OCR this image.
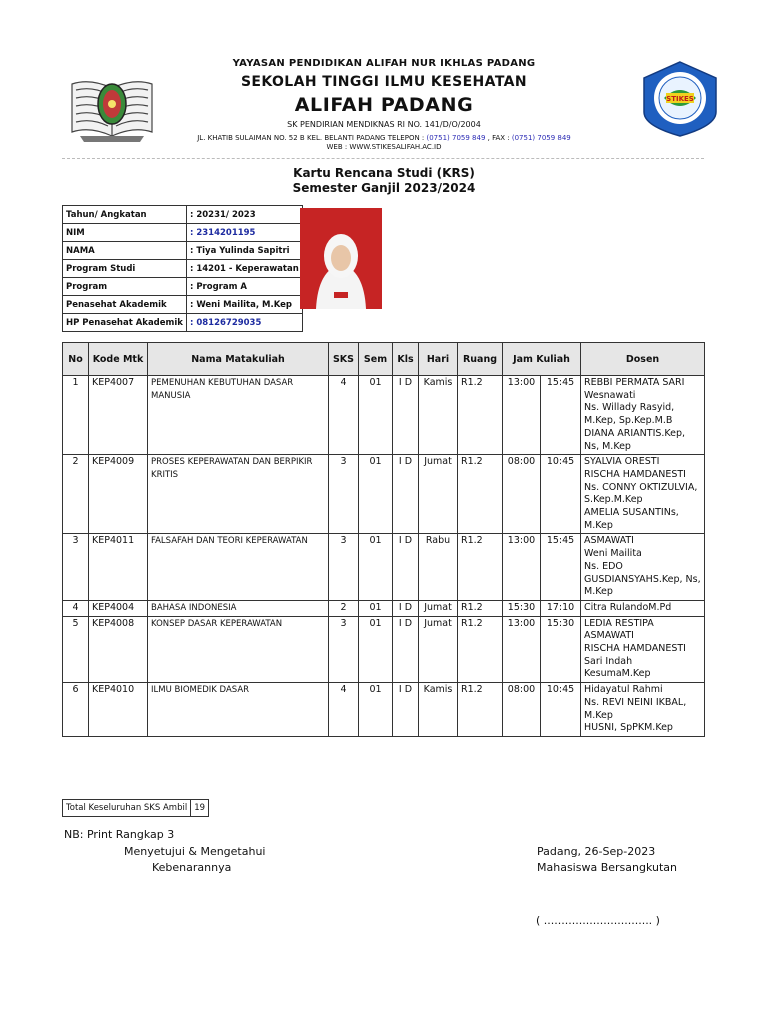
STIKES
YAYASAN PENDIDIKAN ALIFAH NUR IKHLAS PADANG
SEKOLAH TINGGI ILMU KESEHATAN
ALIFAH PADANG
SK PENDIRIAN MENDIKNAS RI NO. 141/D/O/2004
JL. KHATIB SULAIMAN NO. 52 B KEL. BELANTI PADANG TELEPON : (0751) 7059 849 , FAX : (0751) 7059 849
WEB : WWW.STIKESALIFAH.AC.ID
Kartu Rencana Studi (KRS)
Semester Ganjil 2023/2024
Tahun/ Angkatan	: 20231/ 2023
NIM	: 2314201195
NAMA	: Tiya Yulinda Sapitri
Program Studi	: 14201 - Keperawatan
Program	: Program A
Penasehat Akademik	: Weni Mailita, M.Kep
HP Penasehat Akademik	: 08126729035
No	Kode Mtk	Nama Matakuliah	SKS	Sem	Kls	Hari	Ruang	Jam Kuliah		Dosen
1	KEP4007	PEMENUHAN KEBUTUHAN DASAR MANUSIA	4	01	I D	Kamis	R1.2	13:00	15:45	REBBI PERMATA SARI
Wesnawati
Ns. Willady Rasyid, M.Kep, Sp.Kep.M.B
DIANA ARIANTIS.Kep, Ns, M.Kep

2	KEP4009	PROSES KEPERAWATAN DAN BERPIKIR KRITIS	3	01	I D	Jumat	R1.2	08:00	10:45	SYALVIA ORESTI
RISCHA HAMDANESTI
Ns. CONNY OKTIZULVIA, S.Kep.M.Kep
AMELIA SUSANTINs, M.Kep

3	KEP4011	FALSAFAH DAN TEORI KEPERAWATAN	3	01	I D	Rabu	R1.2	13:00	15:45	ASMAWATI
Weni Mailita
Ns. EDO GUSDIANSYAHS.Kep, Ns, M.Kep

4	KEP4004	BAHASA INDONESIA	2	01	I D	Jumat	R1.2	15:30	17:10	Citra RulandoM.Pd

5	KEP4008	KONSEP DASAR KEPERAWATAN	3	01	I D	Jumat	R1.2	13:00	15:30	LEDIA RESTIPA
ASMAWATI
RISCHA HAMDANESTI
Sari Indah KesumaM.Kep

6	KEP4010	ILMU BIOMEDIK DASAR	4	01	I D	Kamis	R1.2	08:00	10:45	Hidayatul Rahmi
Ns. REVI NEINI IKBAL, M.Kep
HUSNI, SpPKM.Kep
Total Keseluruhan SKS Ambil	19
NB: Print Rangkap 3
Menyetujui & Mengetahui
Kebenarannya
Padang, 26-Sep-2023
Mahasiswa Bersangkutan
( ............................... )
